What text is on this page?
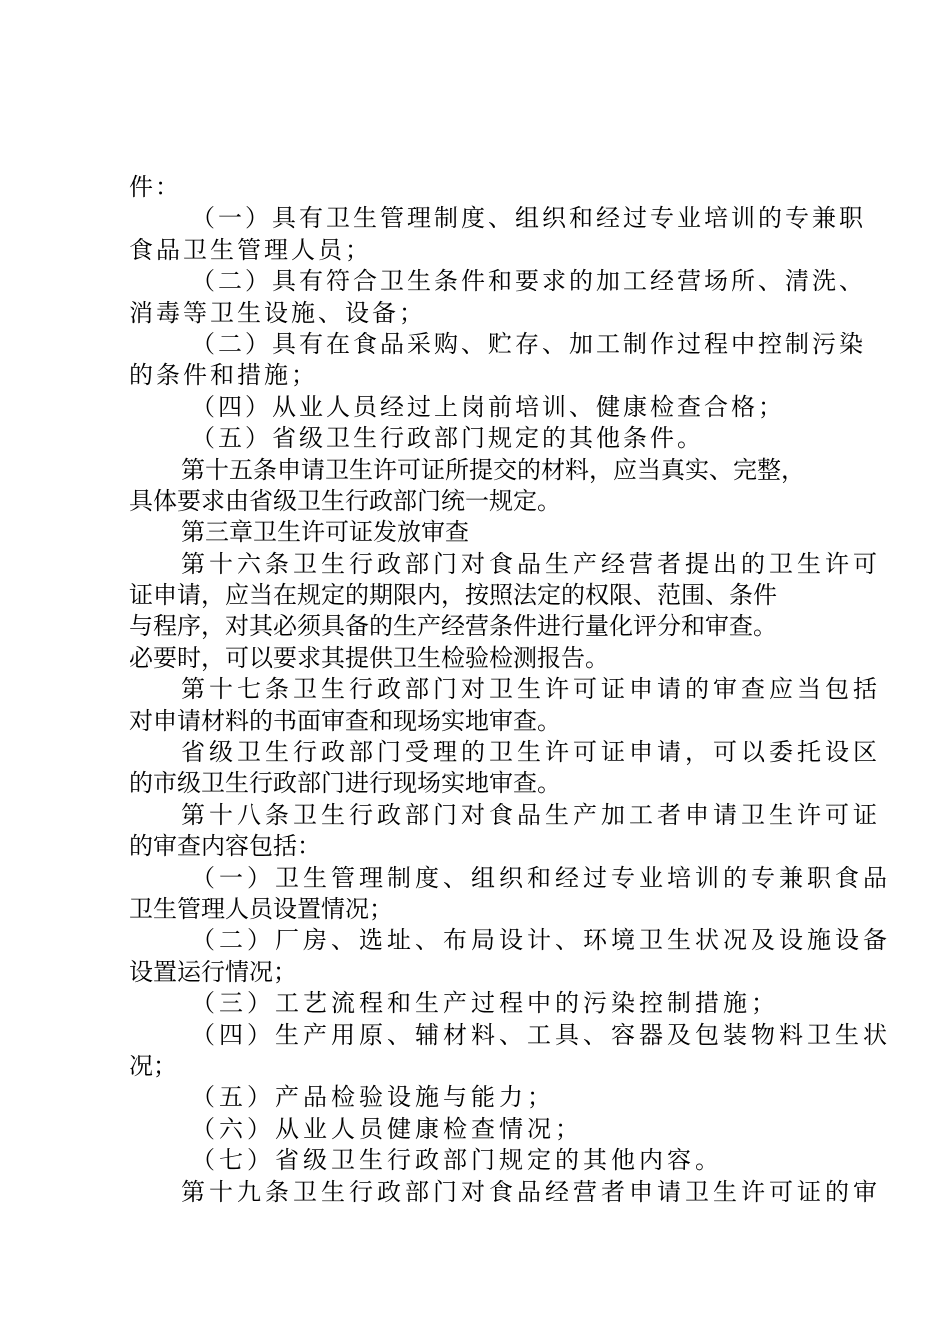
件：
（一）具有卫生管理制度、组织和经过专业培训的专兼职
食品卫生管理人员；
（二）具有符合卫生条件和要求的加工经营场所、清洗、
消毒等卫生设施、设备；
（二）具有在食品采购、贮存、加工制作过程中控制污染
的条件和措施；
（四）从业人员经过上岗前培训、健康检查合格；
（五）省级卫生行政部门规定的其他条件。
第十五条申请卫生许可证所提交的材料，应当真实、完整，
具体要求由省级卫生行政部门统一规定。
第三章卫生许可证发放审查
第十六条卫生行政部门对食品生产经营者提出的卫生许可
证申请，应当在规定的期限内，按照法定的权限、范围、条件
与程序，对其必须具备的生产经营条件进行量化评分和审查。
必要时，可以要求其提供卫生检验检测报告。
第十七条卫生行政部门对卫生许可证申请的审查应当包括
对申请材料的书面审查和现场实地审查。
省级卫生行政部门受理的卫生许可证申请，可以委托设区
的市级卫生行政部门进行现场实地审查。
第十八条卫生行政部门对食品生产加工者申请卫生许可证
的审查内容包括：
（一）卫生管理制度、组织和经过专业培训的专兼职食品
卫生管理人员设置情况；
（二）厂房、选址、布局设计、环境卫生状况及设施设备
设置运行情况；
（三）工艺流程和生产过程中的污染控制措施；
（四）生产用原、辅材料、工具、容器及包装物料卫生状
况；
（五）产品检验设施与能力；
（六）从业人员健康检查情况；
（七）省级卫生行政部门规定的其他内容。
第十九条卫生行政部门对食品经营者申请卫生许可证的审
